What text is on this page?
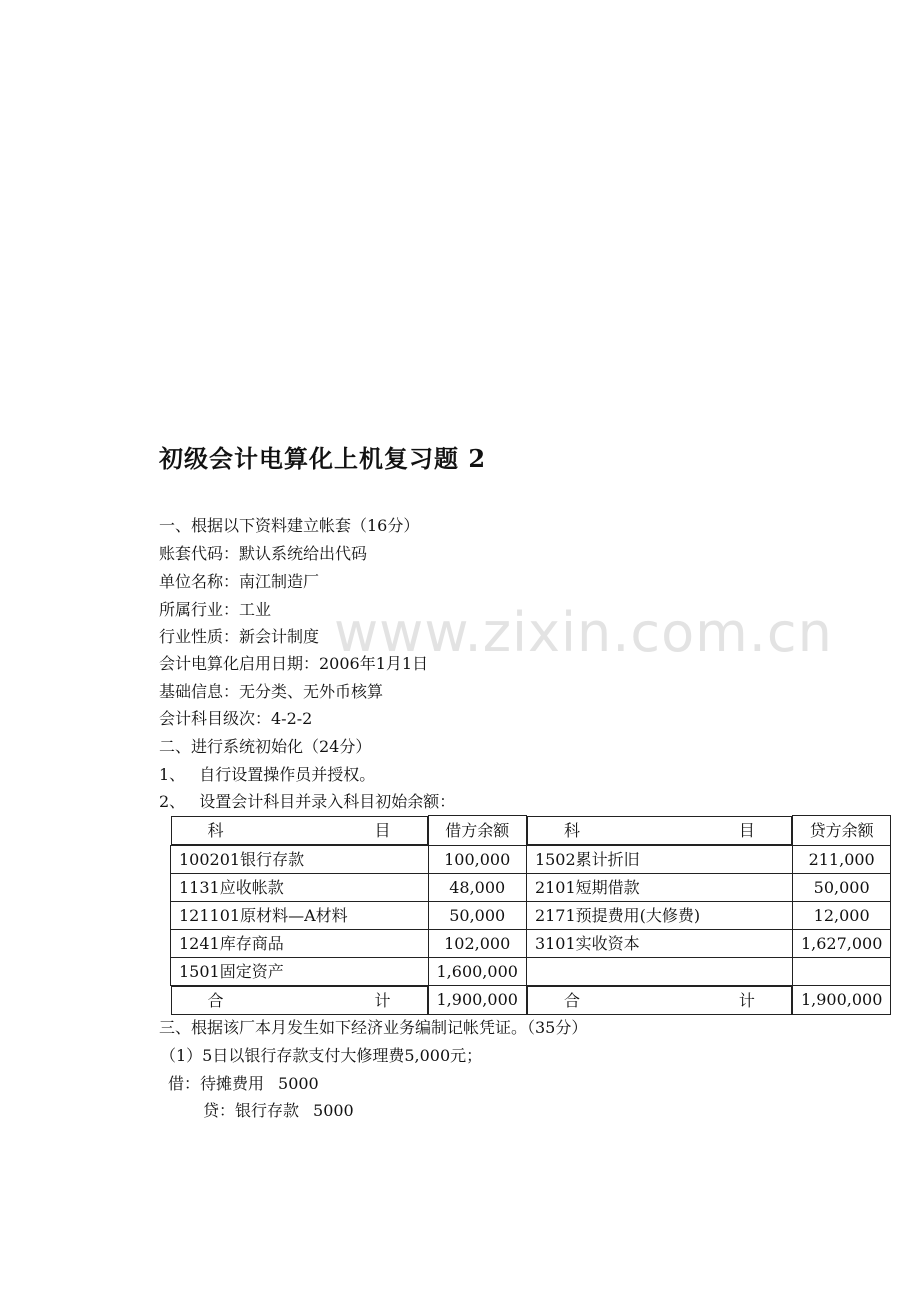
www.zixin.com.cn
初级会计电算化上机复习题 2
一、根据以下资料建立帐套（16分）
账套代码：默认系统给出代码
单位名称：南江制造厂
所属行业：工业
行业性质：新会计制度
会计电算化启用日期：2006年1月1日
基础信息：无分类、无外币核算
会计科目级次：4-2-2
二、进行系统初始化（24分）
1、 自行设置操作员并授权。
2、 设置会计科目并录入科目初始余额：
科	目	借方余额		科	目	贷方余额
100201银行存款	100,000	1502累计折旧	211,000
1131应收帐款	48,000	2101短期借款	50,000
121101原材料—A材料	50,000	2171预提费用(大修费)	12,000
1241库存商品	102,000	3101实收资本	1,627,000
1501固定资产	1,600,000		

合	计	1,900,000		合	计	1,900,000
三、根据该厂本月发生如下经济业务编制记帐凭证。（35分）
（1）5日以银行存款支付大修理费5,000元；
借：待摊费用 5000
贷：银行存款 5000
